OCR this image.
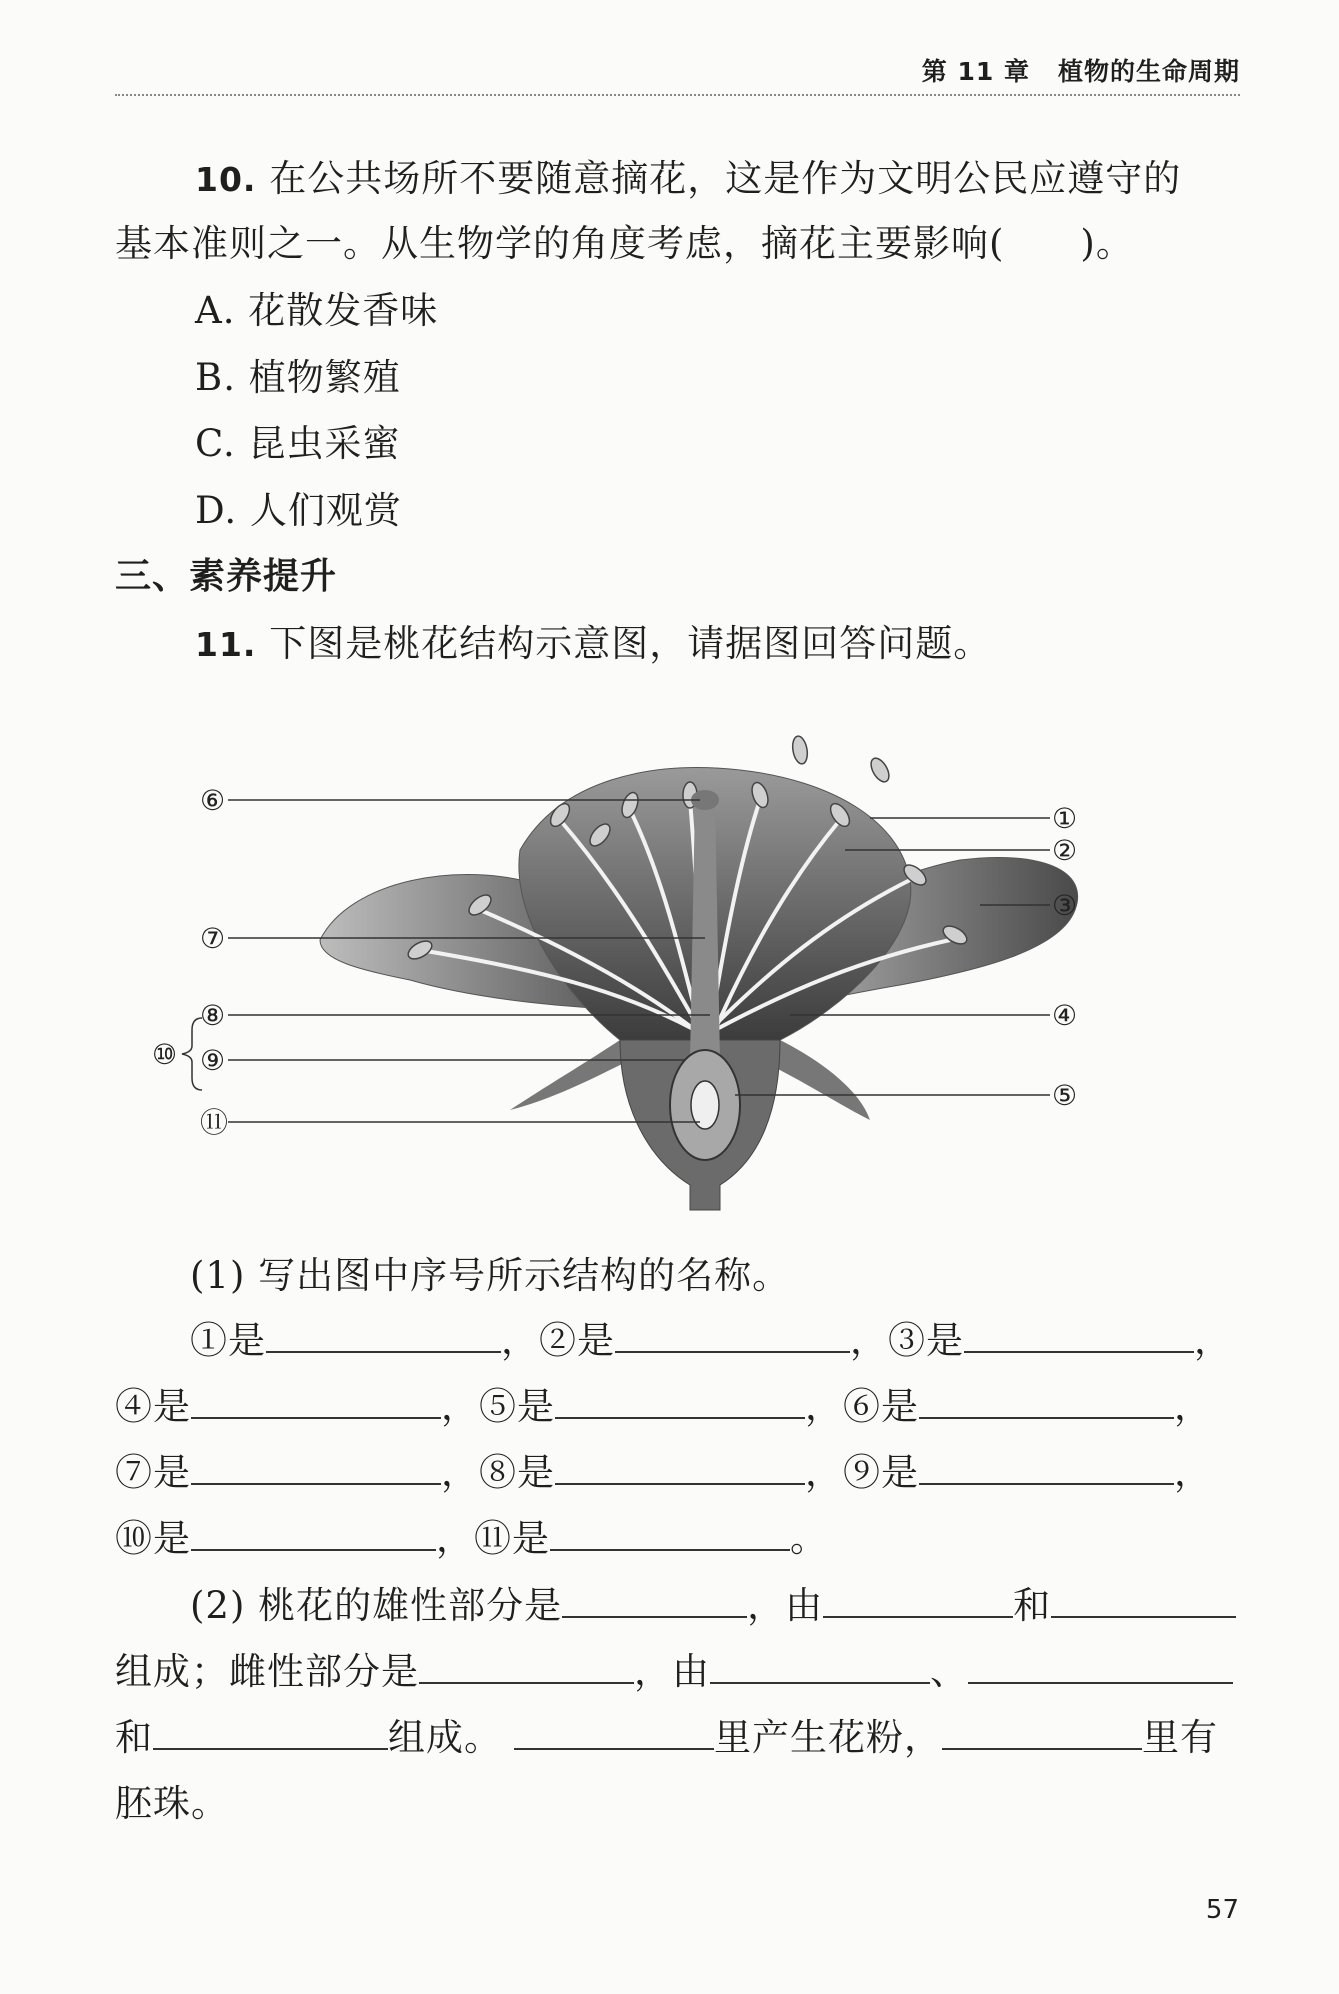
第 11 章 植物的生命周期
10. 在公共场所不要随意摘花，这是作为文明公民应遵守的
基本准则之一。从生物学的角度考虑，摘花主要影响(　　)。
A. 花散发香味
B. 植物繁殖
C. 昆虫采蜜
D. 人们观赏
三、素养提升
11. 下图是桃花结构示意图，请据图回答问题。
⑥
①
②
③
⑦
⑧	④
⑩ ⑨
⑤
⑪
(1) 写出图中序号所示结构的名称。
①是	，②是	，③是	，
④是	，⑤是	，⑥是	，
⑦是	，⑧是	，⑨是	，
⑩是	，⑪是	。
(2) 桃花的雄性部分是	，由	和
组成；雌性部分是	，由	、
和	组成。	里产生花粉，	里有
胚珠。
57
